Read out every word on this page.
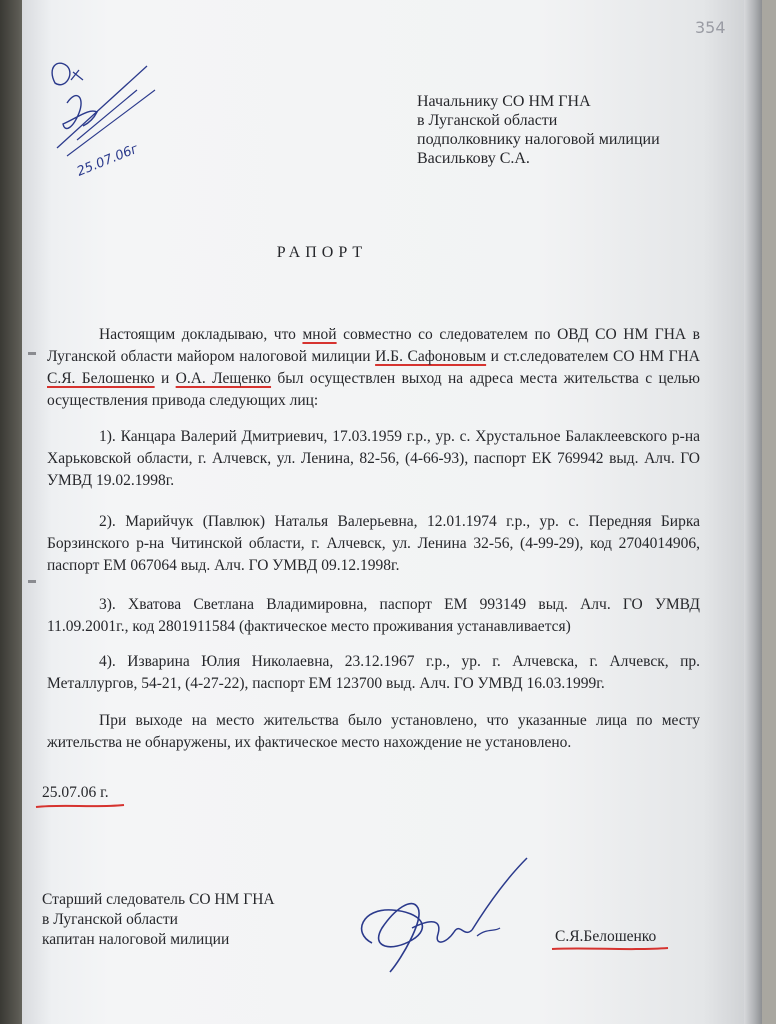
354
25.07.06г
Начальнику СО НМ ГНА
в Луганской области
подполковнику налоговой милиции
Василькову С.А.
РАПОРТ
Настоящим докладываю, что мной совместно со следователем по ОВД СО НМ ГНА в Луганской области майором налоговой милиции И.Б. Сафоновым и ст.следователем СО НМ ГНА С.Я. Белошенко и О.А. Лещенко был осуществлен выход на адреса места жительства с целью осуществления привода следующих лиц:
1). Канцара Валерий Дмитриевич, 17.03.1959 г.р., ур. с. Хрустальное Балаклеевского р-на Харьковской области, г. Алчевск, ул. Ленина, 82-56, (4-66-93), паспорт ЕК 769942 выд. Алч. ГО УМВД 19.02.1998г.
2). Марийчук (Павлюк) Наталья Валерьевна, 12.01.1974 г.р., ур. с. Передняя Бирка Борзинского р-на Читинской области, г. Алчевск, ул. Ленина 32-56, (4-99-29), код 2704014906, паспорт ЕМ 067064 выд. Алч. ГО УМВД 09.12.1998г.
3). Хватова Светлана Владимировна, паспорт ЕМ 993149 выд. Алч. ГО УМВД 11.09.2001г., код 2801911584 (фактическое место проживания устанавливается)
4). Изварина Юлия Николаевна, 23.12.1967 г.р., ур. г. Алчевска, г. Алчевск, пр. Металлургов, 54-21, (4-27-22), паспорт ЕМ 123700 выд. Алч. ГО УМВД 16.03.1999г.
При выходе на место жительства было установлено, что указанные лица по месту жительства не обнаружены, их фактическое место нахождение не установлено.
25.07.06 г.
Старший следователь СО НМ ГНА
в Луганской области
капитан налоговой милиции	С.Я.Белошенко
